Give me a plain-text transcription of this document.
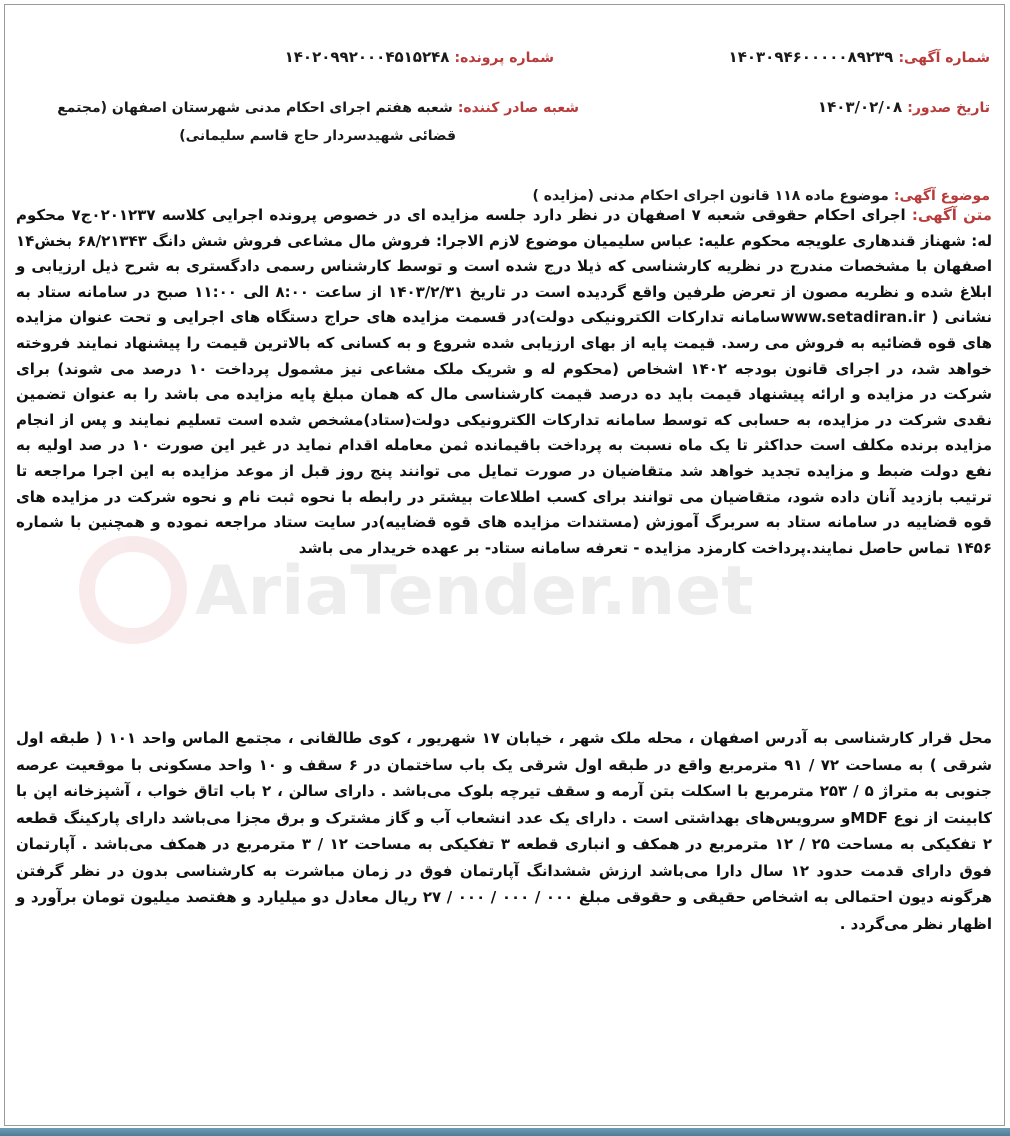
شماره آگهی: ۱۴۰۳۰۹۴۶۰۰۰۰۰۸۹۲۳۹
شماره پرونده: ۱۴۰۲۰۹۹۲۰۰۰۴۵۱۵۲۴۸
تاریخ صدور: ۱۴۰۳/۰۲/۰۸
شعبه صادر کننده: شعبه هفتم اجرای احکام مدنی شهرستان اصفهان (مجتمع
قضائی شهیدسردار حاج قاسم سلیمانی)
موضوع آگهی: موضوع ماده ۱۱۸ قانون اجرای احکام مدنی (مزایده )
AriaTender.net
متن آگهی: اجرای احکام حقوقی شعبه ۷ اصفهان در نظر دارد جلسه مزایده ای در خصوص پرونده اجرایی کلاسه ۰۲۰۱۲۳۷ج۷ محکوم له: شهناز قندهاری علویجه محکوم علیه: عباس سلیمیان موضوع لازم الاجرا: فروش مال مشاعی فروش شش دانگ ۶۸/۲۱۳۴۳ بخش۱۴ اصفهان با مشخصات مندرج در نظریه کارشناسی که ذیلا درج شده است و توسط کارشناس رسمی دادگستری به شرح ذیل ارزیابی و ابلاغ شده و نظریه مصون از تعرض طرفین واقع گردیده است در تاریخ ۱۴۰۳/۲/۳۱ از ساعت ۸:۰۰ الی ۱۱:۰۰ صبح در سامانه ستاد به نشانی ( www.setadiran.irسامانه تدارکات الکترونیکی دولت)در قسمت مزایده های حراج دستگاه های اجرایی و تحت عنوان مزایده های قوه قضائیه به فروش می رسد. قیمت پایه از بهای ارزیابی شده شروع و به کسانی که بالاترین قیمت را پیشنهاد نمایند فروخته خواهد شد، در اجرای قانون بودجه ۱۴۰۲ اشخاص (محکوم له و شریک ملک مشاعی نیز مشمول پرداخت ۱۰ درصد می شوند) برای شرکت در مزایده و ارائه پیشنهاد قیمت باید ده درصد قیمت کارشناسی مال که همان مبلغ پایه مزایده می باشد را به عنوان تضمین نقدی شرکت در مزایده، به حسابی که توسط سامانه تدارکات الکترونیکی دولت(ستاد)مشخص شده است تسلیم نمایند و پس از انجام مزایده برنده مکلف است حداکثر تا یک ماه نسبت به پرداخت باقیمانده ثمن معامله اقدام نماید در غیر این صورت ۱۰ در صد اولیه به نفع دولت ضبط و مزایده تجدید خواهد شد متقاضیان در صورت تمایل می توانند پنج روز قبل از موعد مزایده به این اجرا مراجعه تا ترتیب بازدید آنان داده شود، متقاضیان می توانند برای کسب اطلاعات بیشتر در رابطه با نحوه ثبت نام و نحوه شرکت در مزایده های قوه قضاییه در سامانه ستاد به سربرگ آموزش (مستندات مزایده های قوه قضاییه)در سایت ستاد مراجعه نموده و همچنین با شماره ۱۴۵۶ تماس حاصل نمایند.پرداخت کارمزد مزایده - تعرفه سامانه ستاد- بر عهده خریدار می باشد
محل قرار کارشناسی به آدرس اصفهان ، محله ملک شهر ، خیابان ۱۷ شهریور ، کوی طالقانی ، مجتمع الماس واحد ۱۰۱ ( طبقه اول شرقی ) به مساحت ۷۲ / ۹۱ مترمربع واقع در طبقه اول شرقی یک باب ساختمان در ۶ سقف و ۱۰ واحد مسکونی با موقعیت عرصه جنوبی به متراژ ۵ / ۲۵۳ مترمربع با اسکلت بتن آرمه و سقف تیرچه بلوک می‌باشد . دارای سالن ، ۲ باب اتاق خواب ، آشپزخانه اپن با کابینت از نوع MDFو سرویس‌های بهداشتی است . دارای یک عدد انشعاب آب و گاز مشترک و برق مجزا می‌باشد دارای پارکینگ قطعه ۲ تفکیکی به مساحت ۲۵ / ۱۲ مترمربع در همکف و انباری قطعه ۳ تفکیکی به مساحت ۱۲ / ۳ مترمربع در همکف می‌باشد . آپارتمان فوق دارای قدمت حدود ۱۲ سال دارا می‌باشد ارزش ششدانگ آپارتمان فوق در زمان مباشرت به کارشناسی بدون در نظر گرفتن هرگونه دیون احتمالی به اشخاص حقیقی و حقوقی مبلغ ۰۰۰ / ۰۰۰ / ۰۰۰ / ۲۷ ریال معادل دو میلیارد و هفتصد میلیون تومان برآورد و اظهار نظر می‌گردد .
